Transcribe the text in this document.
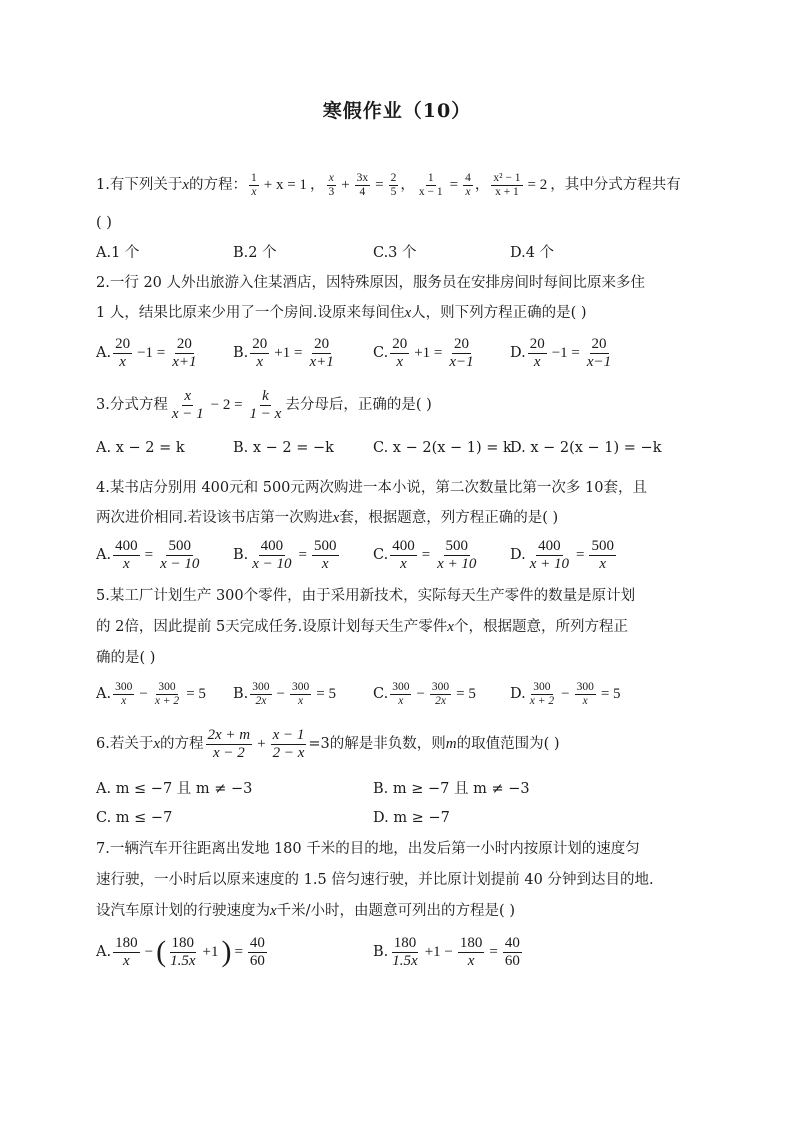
寒假作业（10）
1.有下列关于 x 的方程： $\frac{1}{x} + x = 1$ ， $\frac{x}{3} + \frac{3x}{4} = \frac{2}{5}$ ， $\frac{1}{x - 1} = \frac{4}{x}$ ， $\frac{\text{x² − 1}}{x + 1} = 2$ ，其中分式方程共有
( )
A.1 个	B.2 个	C.3 个	D.4 个
2.一行 20 人外出旅游入住某酒店，因特殊原因，服务员在安排房间时每间比原来多住
1 人，结果比原来少用了一个房间.设原来每间住x人，则下列方程正确的是( )
A. $\frac{20}{x} -1 = \frac{20}{x+1} B$. $\frac{20}{x} +1 = \frac{20}{x+1}$	C. $\frac{20}{x} +1 = \frac{20}{x-1} D$. $\frac{20}{x} -1 = \frac{20}{x-1}$
3.分式方程 $\frac{x}{x - 1} - 2 = \frac{k}{1 - x}$ 去分母后，正确的是( )
A. x − 2 = k	B. x − 2 = −k	C. x − 2(x − 1) = k
D. x − 2(x − 1) = −k
4.某书店分别用 400元和 500元两次购进一本小说，第二次数量比第一次多 10套，且
两次进价相同.若设该书店第一次购进x套，根据题意，列方程正确的是( )
A. $\frac{400}{x} = \frac{500}{x - 10} B$. $\frac{400}{x - 10} = \frac{500}{x} C$. $\frac{400}{x} = \frac{500}{x + 10} D$. $\frac{400}{x + 10} = \frac{500}{x}$
5.某工厂计划生产 300个零件，由于采用新技术，实际每天生产零件的数量是原计划
的 2倍，因此提前 5天完成任务.设原计划每天生产零件x个，根据题意，所列方程正
确的是( )
A. $\frac{300}{x} - \frac{300}{x + 2} = 5$ B. $\frac{300}{2x} - \frac{300}{x} = 5$	C. $\frac{300}{x} - \frac{300}{2x} = 5$ D. $\frac{300}{x + 2} - \frac{300}{x} = 5$
6.若关于 x 的方程 $\frac{2x + m}{x - 2} + \frac{x - 1}{2 - x} =3$ 的解是非负数，则 m 的取值范围为( )
A. m ≤ −7 且 m ≠ −3	B. m ≥ −7 且 m ≠ −3
C. m ≤ −7	D. m ≥ −7
7.一辆汽车开往距离出发地 180 千米的目的地，出发后第一小时内按原计划的速度匀
速行驶，一小时后以原来速度的 1.5 倍匀速行驶，并比原计划提前 40 分钟到达目的地.
设汽车原计划的行驶速度为x千米/小时，由题意可列出的方程是( )
A. $\frac{180}{x}$ − ( $\frac{180}{1.5x} +1$ ) = $\frac{40}{60}$	B. $\frac{180}{1.5x} +1 - \frac{180}{x} = \frac{40}{60}$
